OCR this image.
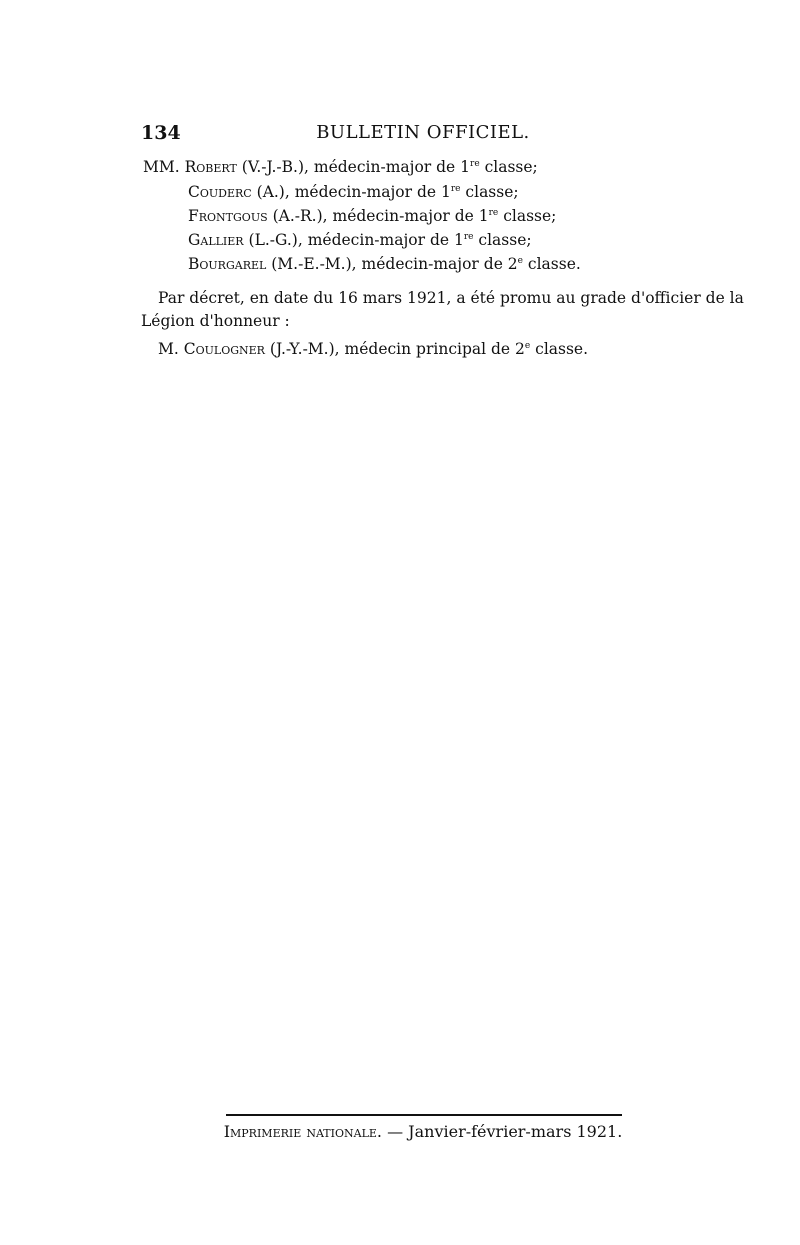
134	BULLETIN OFFICIEL.
MM. Robert (V.-J.-B.), médecin-major de 1re classe;
Couderc (A.), médecin-major de 1re classe;
Frontgous (A.-R.), médecin-major de 1re classe;
Gallier (L.-G.), médecin-major de 1re classe;
Bourgarel (M.-E.-M.), médecin-major de 2e classe.
Par décret, en date du 16 mars 1921, a été promu au grade d'officier de la
Légion d'honneur :
M. Coulogner (J.-Y.-M.), médecin principal de 2e classe.
Imprimerie nationale. — Janvier-février-mars 1921.
